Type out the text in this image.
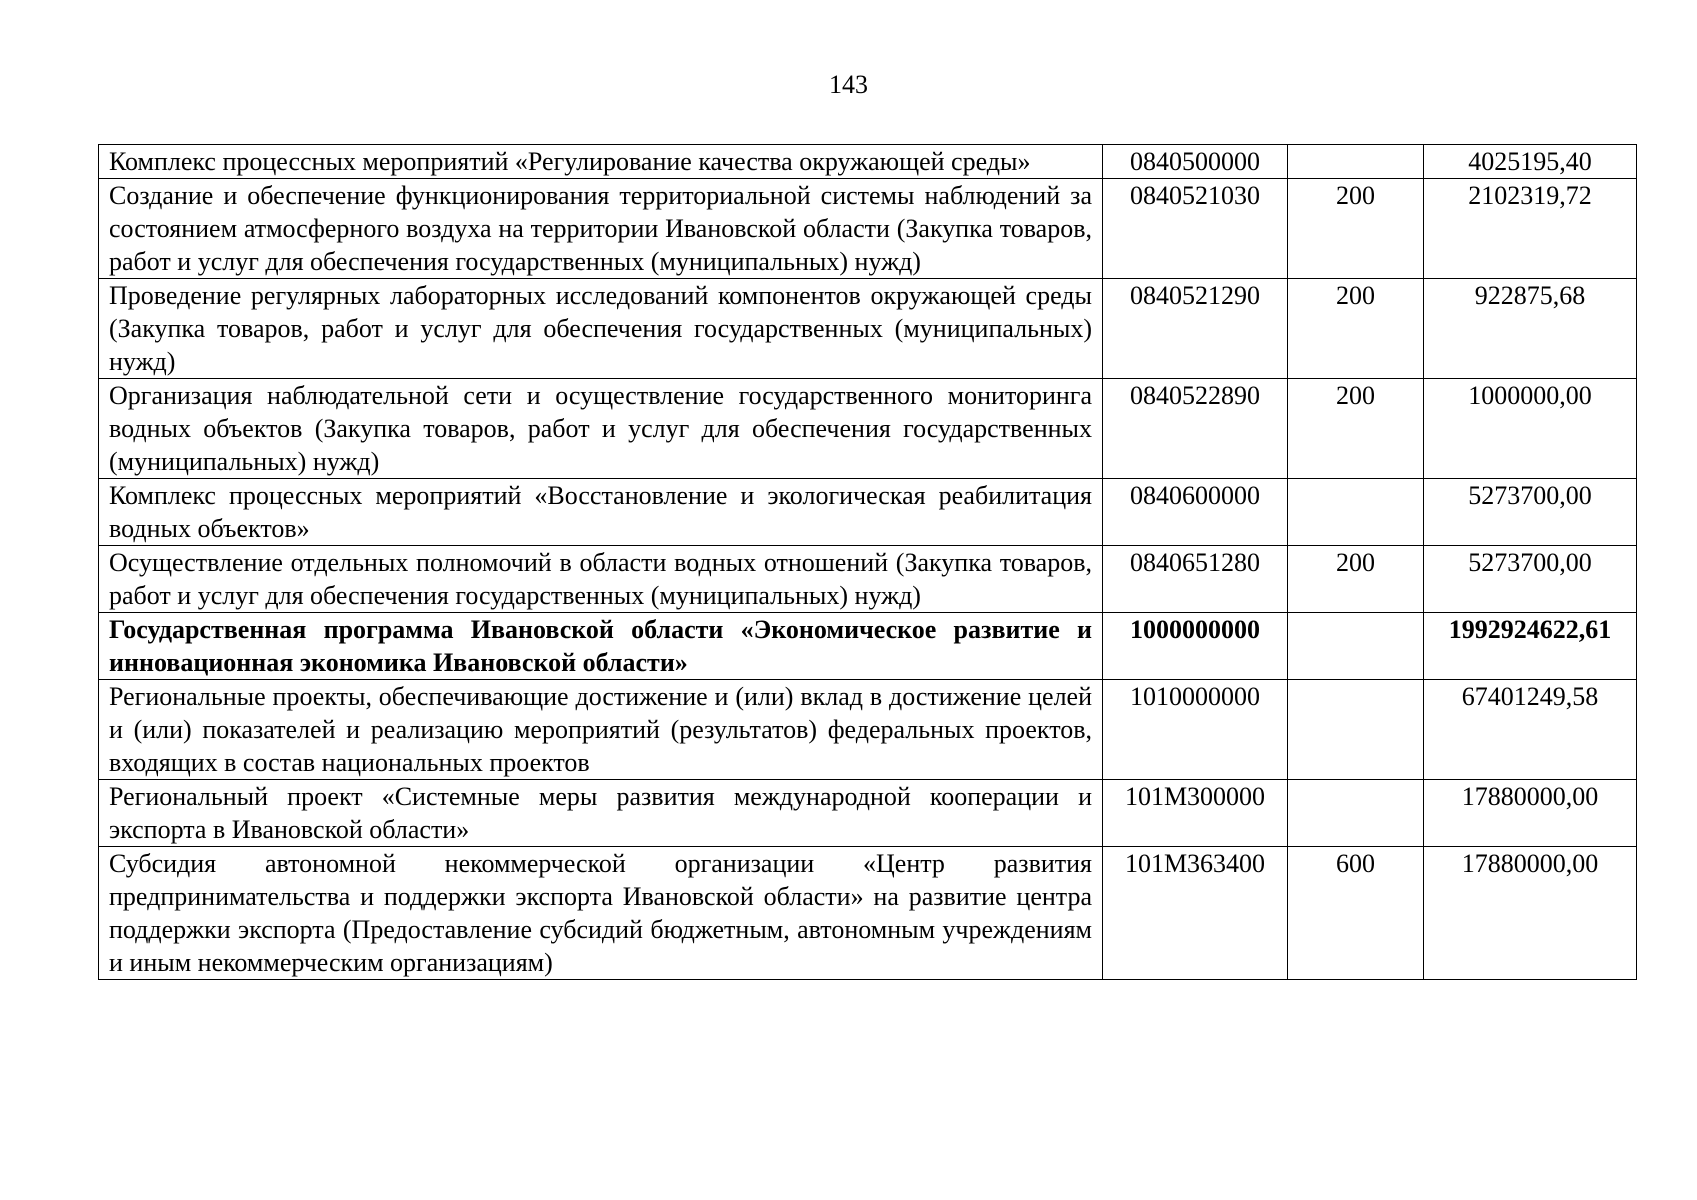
143
Комплекс процессных мероприятий «Регулирование качества окружающей среды»	0840500000		4025195,40
Создание и обеспечение функционирования территориальной системы наблюдений за состоянием атмосферного воздуха на территории Ивановской области (Закупка товаров, работ и услуг для обеспечения государственных (муниципальных) нужд)	0840521030	200	2102319,72
Проведение регулярных лабораторных исследований компонентов окружающей среды (Закупка товаров, работ и услуг для обеспечения государственных (муниципальных) нужд)	0840521290	200	922875,68
Организация наблюдательной сети и осуществление государственного мониторинга водных объектов (Закупка товаров, работ и услуг для обеспечения государственных (муниципальных) нужд)	0840522890	200	1000000,00
Комплекс процессных мероприятий «Восстановление и экологическая реабилитация водных объектов»	0840600000		5273700,00
Осуществление отдельных полномочий в области водных отношений (Закупка товаров, работ и услуг для обеспечения государственных (муниципальных) нужд)	0840651280	200	5273700,00
Государственная программа Ивановской области «Экономическое развитие и инновационная экономика Ивановской области»	1000000000		1992924622,61
Региональные проекты, обеспечивающие достижение и (или) вклад в достижение целей и (или) показателей и реализацию мероприятий (результатов) федеральных проектов, входящих в состав национальных проектов	1010000000		67401249,58
Региональный проект «Системные меры развития международной кооперации и экспорта в Ивановской области»	101M300000		17880000,00
Субсидия автономной некоммерческой организации «Центр развития предпринимательства и поддержки экспорта Ивановской области» на развитие центра поддержки экспорта (Предоставление субсидий бюджетным, автономным учреждениям и иным некоммерческим организациям)	101M363400	600	17880000,00
